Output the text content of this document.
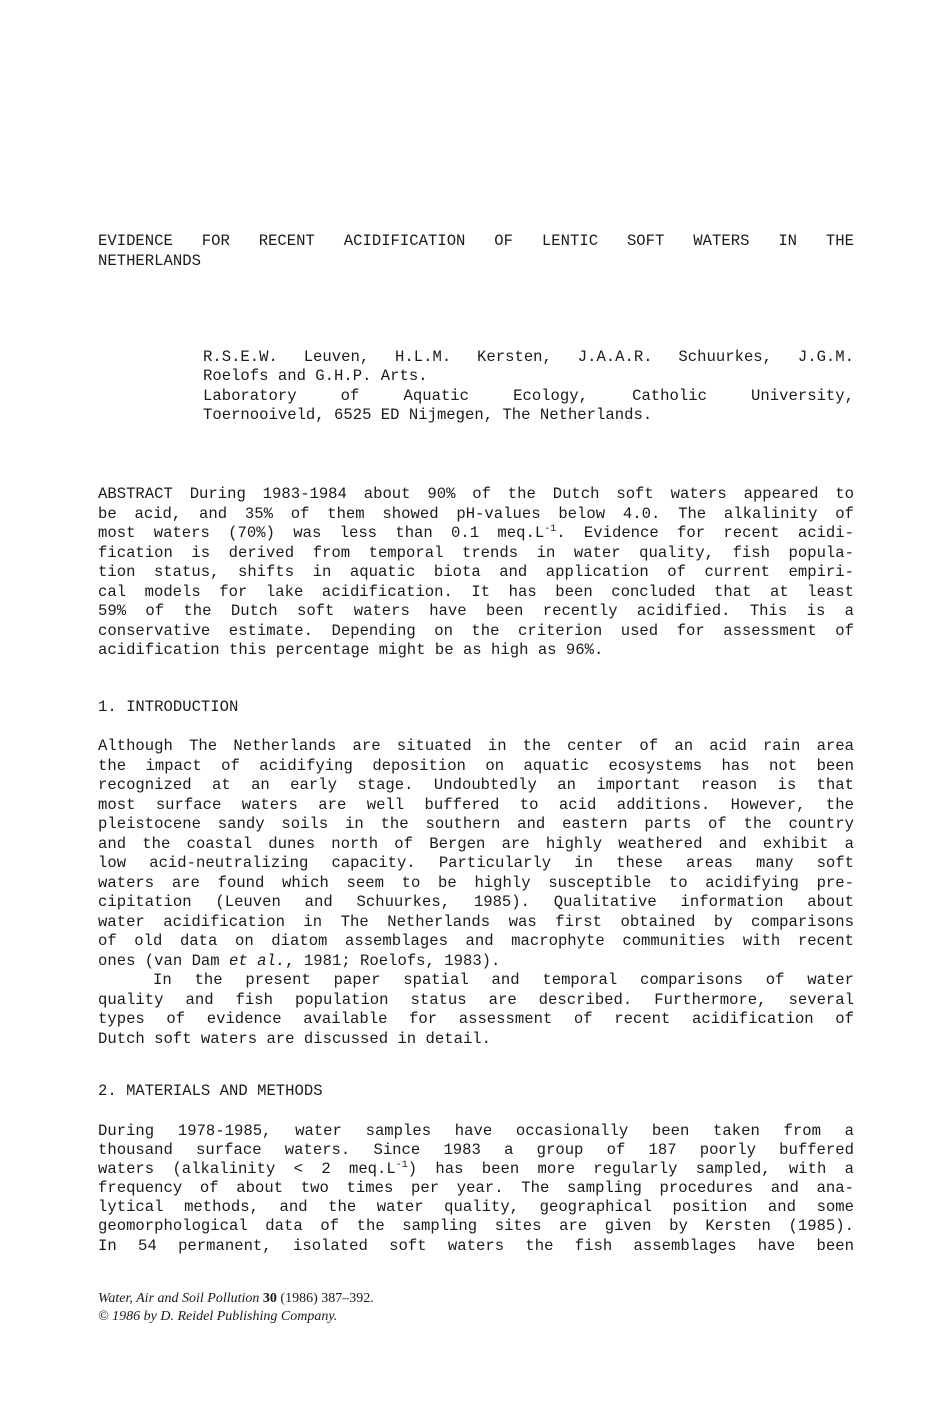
EVIDENCE FOR RECENT ACIDIFICATION OF LENTIC SOFT WATERS IN THE
NETHERLANDS
R.S.E.W. Leuven, H.L.M. Kersten, J.A.A.R. Schuurkes, J.G.M.
Roelofs and G.H.P. Arts.
Laboratory of Aquatic Ecology, Catholic University,
Toernooiveld, 6525 ED Nijmegen, The Netherlands.
ABSTRACT During 1983-1984 about 90% of the Dutch soft waters appeared to
be acid, and 35% of them showed pH-values below 4.0. The alkalinity of
most waters (70%) was less than 0.1 $meq.L^{-1}$. Evidence for recent acidi-
fication is derived from temporal trends in water quality, fish popula-
tion status, shifts in aquatic biota and application of current empiri-
cal models for lake acidification. It has been concluded that at least
59% of the Dutch soft waters have been recently acidified. This is a
conservative estimate. Depending on the criterion used for assessment of
acidification this percentage might be as high as 96%.
1. INTRODUCTION
Although The Netherlands are situated in the center of an acid rain area
the impact of acidifying deposition on aquatic ecosystems has not been
recognized at an early stage. Undoubtedly an important reason is that
most surface waters are well buffered to acid additions. However, the
pleistocene sandy soils in the southern and eastern parts of the country
and the coastal dunes north of Bergen are highly weathered and exhibit a
low acid-neutralizing capacity. Particularly in these areas many soft
waters are found which seem to be highly susceptible to acidifying pre-
cipitation (Leuven and Schuurkes, 1985). Qualitative information about
water acidification in The Netherlands was first obtained by comparisons
of old data on diatom assemblages and macrophyte communities with recent
ones (van Dam et al., 1981; Roelofs, 1983).
In the present paper spatial and temporal comparisons of water
quality and fish population status are described. Furthermore, several
types of evidence available for assessment of recent acidification of
Dutch soft waters are discussed in detail.
2. MATERIALS AND METHODS
During 1978-1985, water samples have occasionally been taken from a
thousand surface waters. Since 1983 a group of 187 poorly buffered
waters (alkalinity < 2 $meq.L^{-1}$) has been more regularly sampled, with a
frequency of about two times per year. The sampling procedures and ana-
lytical methods, and the water quality, geographical position and some
geomorphological data of the sampling sites are given by Kersten (1985).
In 54 permanent, isolated soft waters the fish assemblages have been
Water, Air and Soil Pollution 30 (1986) 387–392.
© 1986 by D. Reidel Publishing Company.
